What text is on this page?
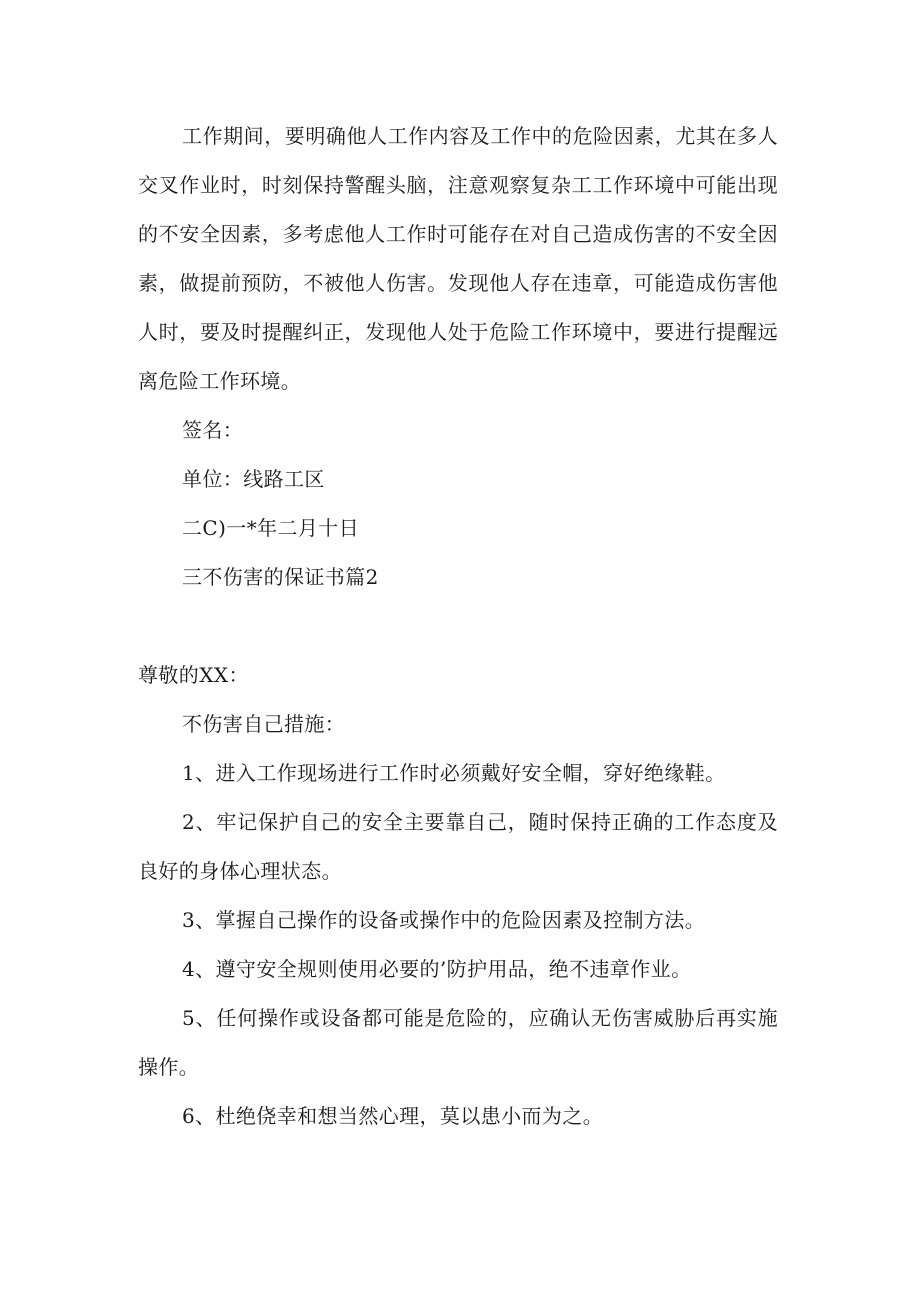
工作期间，要明确他人工作内容及工作中的危险因素，尤其在多人交叉作业时，时刻保持警醒头脑，注意观察复杂工工作环境中可能出现的不安全因素，多考虑他人工作时可能存在对自己造成伤害的不安全因素，做提前预防，不被他人伤害。发现他人存在违章，可能造成伤害他人时，要及时提醒纠正，发现他人处于危险工作环境中，要进行提醒远离危险工作环境。

签名：

单位：线路工区

二C)一*年二月十日

三不伤害的保证书篇2

尊敬的XX：

不伤害自己措施：

1、进入工作现场进行工作时必须戴好安全帽，穿好绝缘鞋。

2、牢记保护自己的安全主要靠自己，随时保持正确的工作态度及良好的身体心理状态。

3、掌握自己操作的设备或操作中的危险因素及控制方法。

4、遵守安全规则使用必要的’防护用品，绝不违章作业。

5、任何操作或设备都可能是危险的，应确认无伤害威胁后再实施操作。

6、杜绝侥幸和想当然心理，莫以患小而为之。
